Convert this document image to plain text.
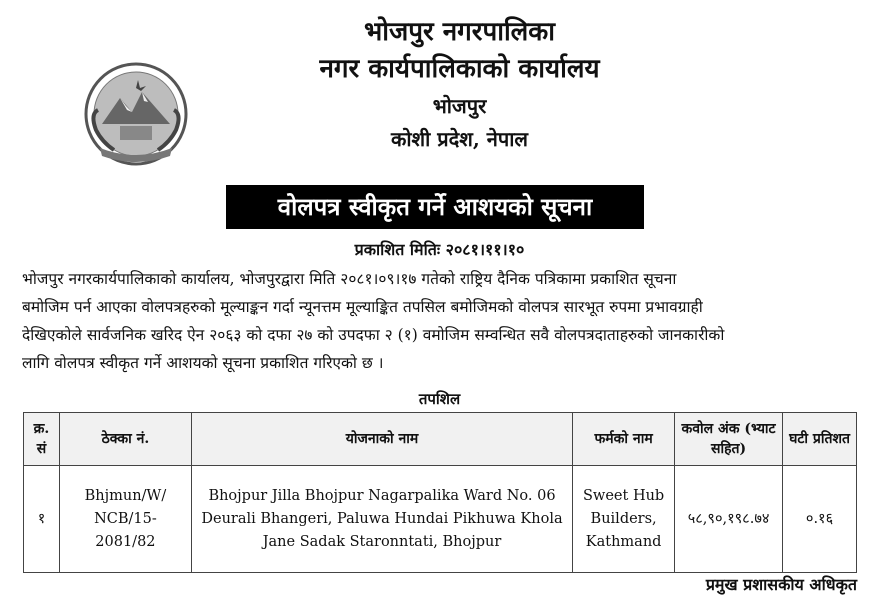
भोजपुर नगरपालिका
नगर कार्यपालिकाको कार्यालय
भोजपुर
कोशी प्रदेश, नेपाल
वोलपत्र स्वीकृत गर्ने आशयको सूचना
प्रकाशित मितिः २०८१।११।१०
भोजपुर नगरकार्यपालिकाको कार्यालय, भोजपुरद्वारा मिति २०८१।०९।१७ गतेको राष्ट्रिय दैनिक पत्रिकामा प्रकाशित सूचना
बमोजिम पर्न आएका वोलपत्रहरुको मूल्याङ्कन गर्दा न्यूनत्तम मूल्याङ्कित तपसिल बमोजिमको वोलपत्र सारभूत रुपमा प्रभावग्राही
देखिएकोले सार्वजनिक खरिद ऐन २०६३ को दफा २७ को उपदफा २ (१) वमोजिम सम्वन्धित सवै वोलपत्रदाताहरुको जानकारीको
लागि वोलपत्र स्वीकृत गर्ने आशयको सूचना प्रकाशित गरिएको छ ।
तपशिल
क्र. सं	ठेक्का नं.	योजनाको नाम	फर्मको नाम	कवोल अंक (भ्याट सहित)	घटी प्रतिशत
१	Bhjmun/W/ NCB/15-2081/82	Bhojpur Jilla Bhojpur Nagarpalika Ward No. 06 Deurali Bhangeri, Paluwa Hundai Pikhuwa Khola Jane Sadak Staronntati, Bhojpur	Sweet Hub Builders, Kathmand	५८,९०,१९८.७४	०.१६
प्रमुख प्रशासकीय अधिकृत
